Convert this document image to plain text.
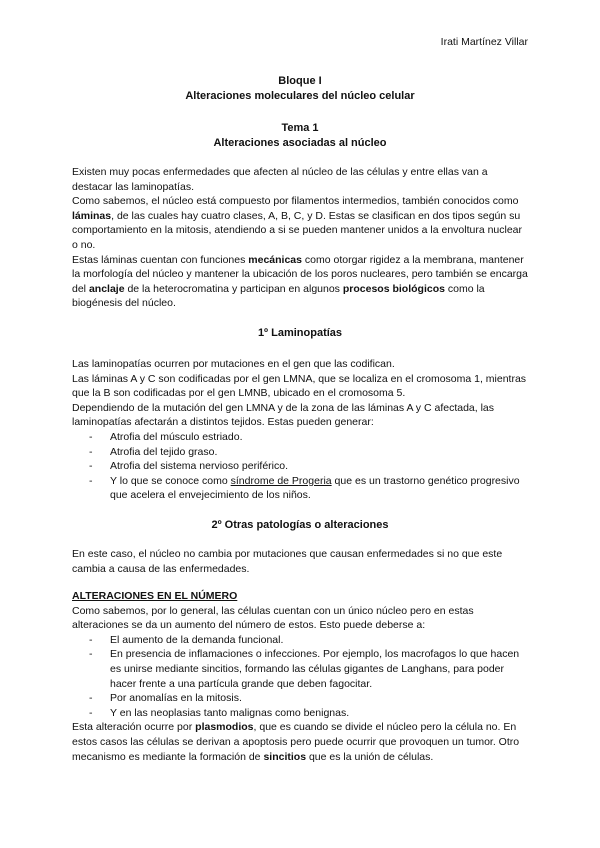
Irati Martínez Villar
Bloque I
Alteraciones moleculares del núcleo celular
Tema 1
Alteraciones asociadas al núcleo

Existen muy pocas enfermedades que afecten al núcleo de las células y entre ellas van a destacar las laminopatías.

Como sabemos, el núcleo está compuesto por filamentos intermedios, también conocidos como láminas, de las cuales hay cuatro clases, A, B, C, y D. Estas se clasifican en dos tipos según su comportamiento en la mitosis, atendiendo a si se pueden mantener unidos a la envoltura nuclear o no.

Estas láminas cuentan con funciones mecánicas como otorgar rigidez a la membrana, mantener la morfología del núcleo y mantener la ubicación de los poros nucleares, pero también se encarga del anclaje de la heterocromatina y participan en algunos procesos biológicos como la biogénesis del núcleo.

1º Laminopatías

Las laminopatías ocurren por mutaciones en el gen que las codifican.

Las láminas A y C son codificadas por el gen LMNA, que se localiza en el cromosoma 1, mientras que la B son codificadas por el gen LMNB, ubicado en el cromosoma 5.

Dependiendo de la mutación del gen LMNA y de la zona de las láminas A y C afectada, las laminopatías afectarán a distintos tejidos. Estas pueden generar:

- Atrofia del músculo estriado.
- Atrofia del tejido graso.
- Atrofia del sistema nervioso periférico.
- Y lo que se conoce como síndrome de Progeria que es un trastorno genético progresivo que acelera el envejecimiento de los niños.
2º Otras patologías o alteraciones

En este caso, el núcleo no cambia por mutaciones que causan enfermedades si no que este cambia a causa de las enfermedades.

ALTERACIONES EN EL NÚMERO

Como sabemos, por lo general, las células cuentan con un único núcleo pero en estas alteraciones se da un aumento del número de estos. Esto puede deberse a:

- El aumento de la demanda funcional.
- En presencia de inflamaciones o infecciones. Por ejemplo, los macrofagos lo que hacen es unirse mediante sincitios, formando las células gigantes de Langhans, para poder hacer frente a una partícula grande que deben fagocitar.
- Por anomalías en la mitosis.
- Y en las neoplasias tanto malignas como benignas.

Esta alteración ocurre por plasmodios, que es cuando se divide el núcleo pero la célula no. En estos casos las células se derivan a apoptosis pero puede ocurrir que provoquen un tumor. Otro mecanismo es mediante la formación de sincitios que es la unión de células.
